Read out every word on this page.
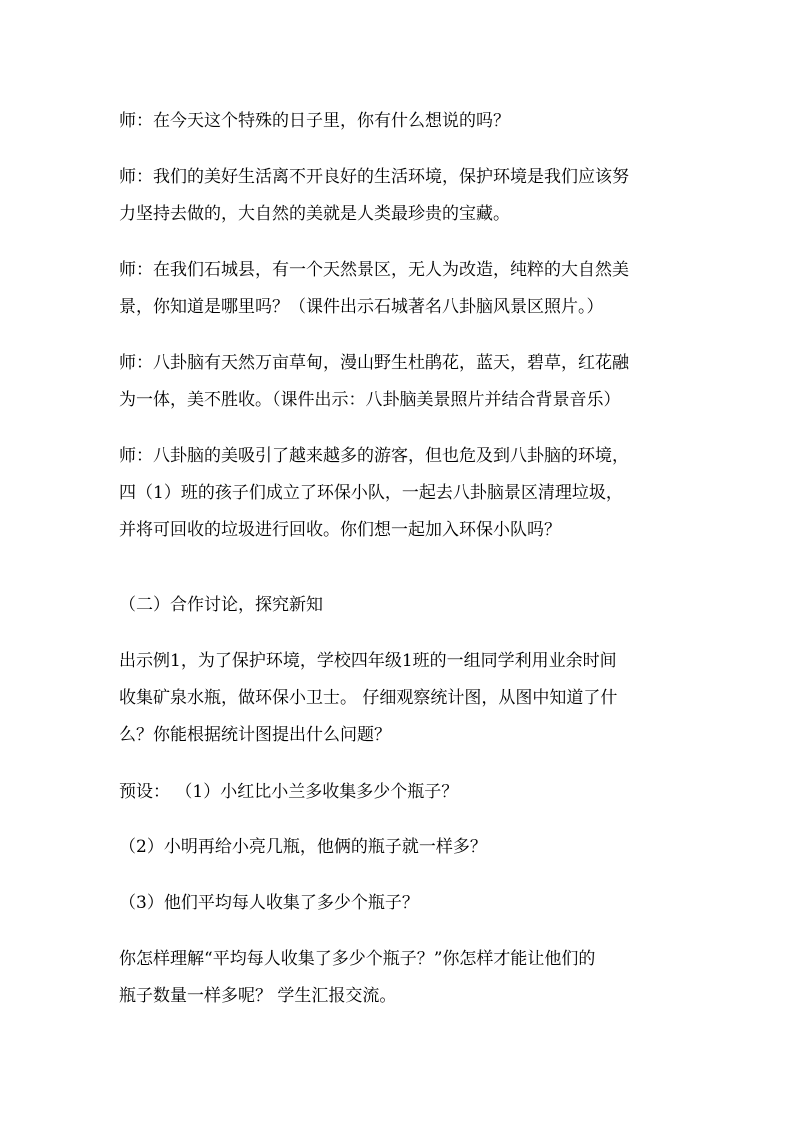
师：在今天这个特殊的日子里，你有什么想说的吗？

师：我们的美好生活离不开良好的生活环境，保护环境是我们应该努
力坚持去做的，大自然的美就是人类最珍贵的宝藏。

师：在我们石城县，有一个天然景区，无人为改造，纯粹的大自然美
景，你知道是哪里吗？（课件出示石城著名八卦脑风景区照片。）

师：八卦脑有天然万亩草甸，漫山野生杜鹃花，蓝天，碧草，红花融
为一体，美不胜收。（课件出示：八卦脑美景照片并结合背景音乐）

师：八卦脑的美吸引了越来越多的游客，但也危及到八卦脑的环境，
四（1）班的孩子们成立了环保小队，一起去八卦脑景区清理垃圾，
并将可回收的垃圾进行回收。你们想一起加入环保小队吗？

（二）合作讨论，探究新知

出示例1，为了保护环境，学校四年级1班的一组同学利用业余时间
收集矿泉水瓶，做环保小卫士。 仔细观察统计图，从图中知道了什
么？你能根据统计图提出什么问题？

预设： （1）小红比小兰多收集多少个瓶子？

（2）小明再给小亮几瓶，他俩的瓶子就一样多？

（3）他们平均每人收集了多少个瓶子？

你怎样理解“平均每人收集了多少个瓶子？”你怎样才能让他们的
瓶子数量一样多呢？ 学生汇报交流。
